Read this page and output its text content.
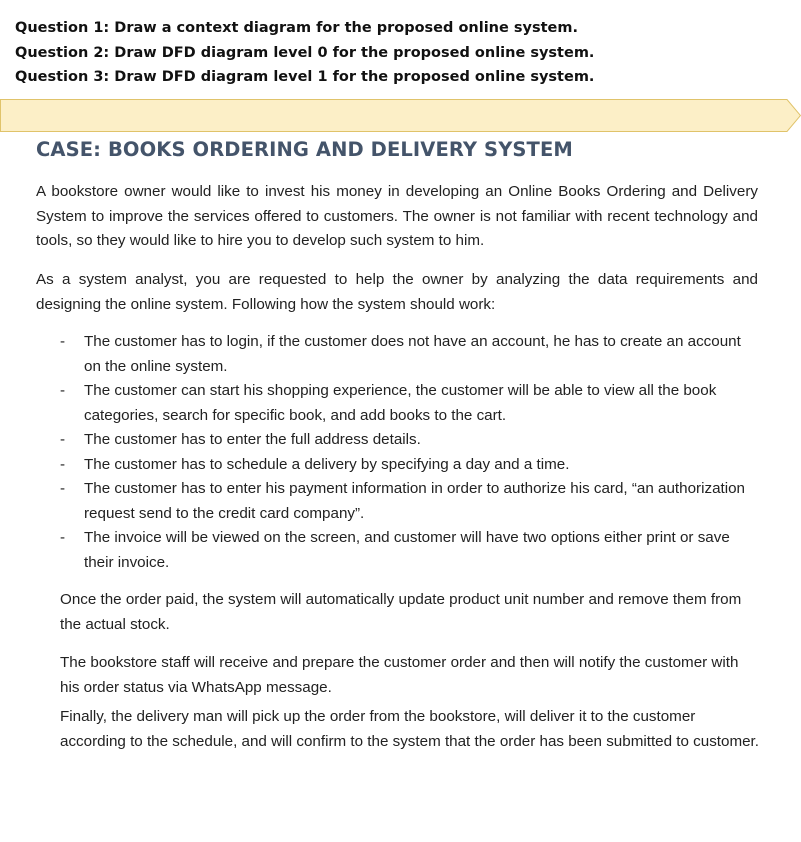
Question 1: Draw a context diagram for the proposed online system.
Question 2: Draw DFD diagram level 0 for the proposed online system.
Question 3: Draw DFD diagram level 1 for the proposed online system.
CASE: BOOKS ORDERING AND DELIVERY SYSTEM
A bookstore owner would like to invest his money in developing an Online Books Ordering and Delivery System to improve the services offered to customers. The owner is not familiar with recent technology and tools, so they would like to hire you to develop such system to him.
As a system analyst, you are requested to help the owner by analyzing the data requirements and designing the online system. Following how the system should work:
- The customer has to login, if the customer does not have an account, he has to create an account on the online system.
- The customer can start his shopping experience, the customer will be able to view all the book categories, search for specific book, and add books to the cart.
- The customer has to enter the full address details.
- The customer has to schedule a delivery by specifying a day and a time.
- The customer has to enter his payment information in order to authorize his card, “an authorization request send to the credit card company”.
- The invoice will be viewed on the screen, and customer will have two options either print or save their invoice.
Once the order paid, the system will automatically update product unit number and remove them from the actual stock.
The bookstore staff will receive and prepare the customer order and then will notify the customer with his order status via WhatsApp message.
Finally, the delivery man will pick up the order from the bookstore, will deliver it to the customer according to the schedule, and will confirm to the system that the order has been submitted to customer.
